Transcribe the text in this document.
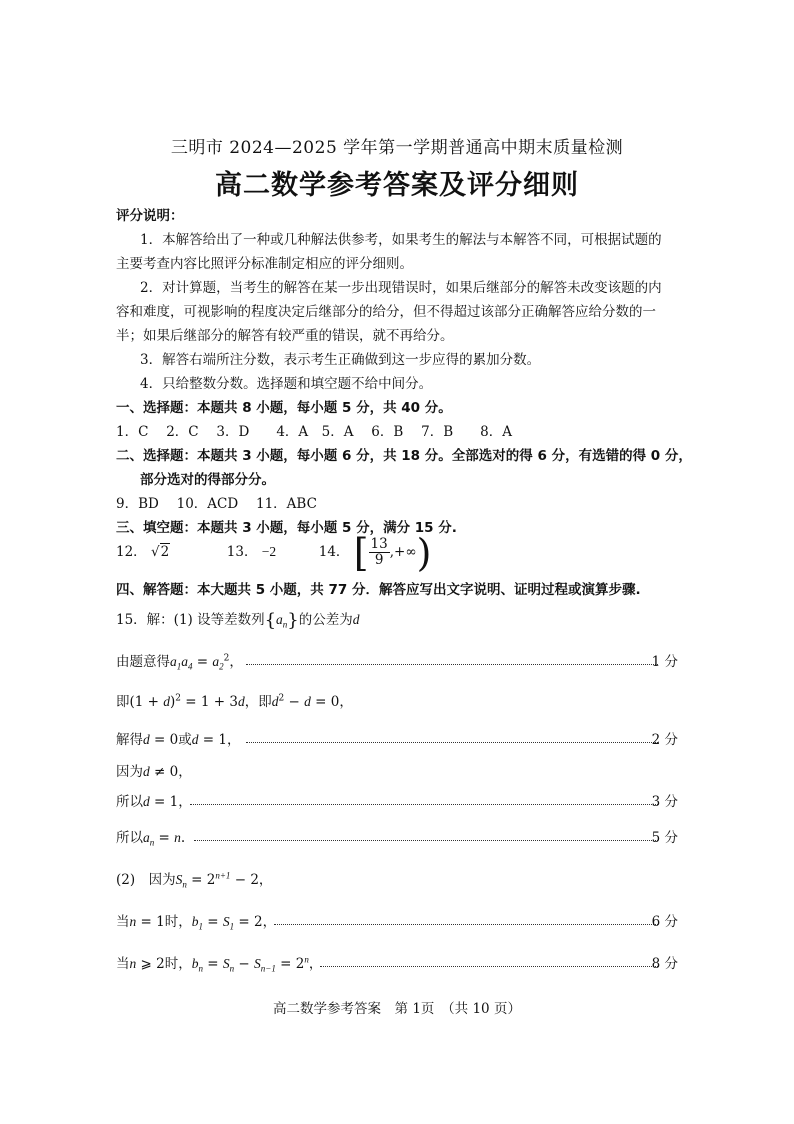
三明市 2024—2025 学年第一学期普通高中期末质量检测
高二数学参考答案及评分细则
评分说明：
1．本解答给出了一种或几种解法供参考，如果考生的解法与本解答不同，可根据试题的
主要考查内容比照评分标准制定相应的评分细则。
2．对计算题，当考生的解答在某一步出现错误时，如果后继部分的解答未改变该题的内
容和难度，可视影响的程度决定后继部分的给分，但不得超过该部分正确解答应给分数的一
半；如果后继部分的解答有较严重的错误，就不再给分。
3．解答右端所注分数，表示考生正确做到这一步应得的累加分数。
4．只给整数分数。选择题和填空题不给中间分。
一、选择题：本题共 8 小题，每小题 5 分，共 40 分。
1．C　 2．C　 3．D　　4．A　5．A　 6．B　 7．B　　8．A
二、选择题：本题共 3 小题，每小题 6 分，共 18 分。全部选对的得 6 分，有选错的得 0 分，
部分选对的得部分分。
9．BD　 10．ACD　 11．ABC
三、填空题：本题共 3 小题，每小题 5 分，满分 15 分.
12． √2	13． −2	14． [ $\frac{13}{9}$ ,+∞)
四、解答题：本大题共 5 小题，共 77 分．解答应写出文字说明、证明过程或演算步骤.
15．解：(1) 设等差数列$\{a_n\}$的公差为d
由题意得$a_1a_4 = a_2^2$，	1 分
即$(1 + d)^2 = 1 + 3d$，即$d^2 - d = 0$，
解得d = 0或d = 1，	2 分
因为d ≠ 0，
所以d = 1，	3 分
所以$a_n = n$.	5 分
(2)　因为$S_n = 2^{n+1} - 2$，
当n = 1时，$b_1 = S_1 = 2$，	6 分
当n ⩾ 2时，$b_n = S_n - S_{n-1} = 2^n$，	8 分
高二数学参考答案　第 1页　（共 10 页）
